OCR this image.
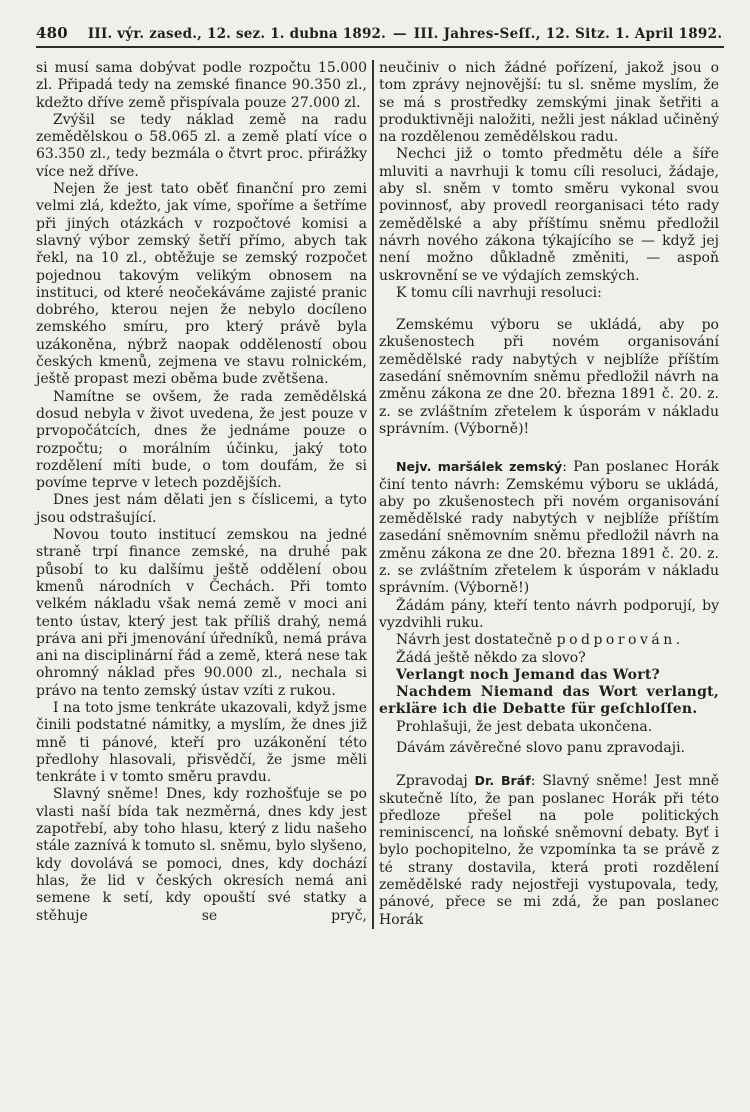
480 III. výr. zased., 12. sez. 1. dubna 1892. — III. Jahres-Seſſ., 12. Sitz. 1. April 1892.

si musí sama dobývat podle rozpočtu 15.000 zl. Připadá tedy na zemské finance 90.350 zl., kdežto dříve země přispívala pouze 27.000 zl.

Zvýšil se tedy náklad země na radu zemědělskou o 58.065 zl. a země platí více o 63.350 zl., tedy bezmála o čtvrt proc. přirážky více než dříve.

Nejen že jest tato oběť finanční pro zemi velmi zlá, kdežto, jak víme, spoříme a šetříme při jiných otázkách v rozpočtové komisi a slavný výbor zemský šetří přímo, abych tak řekl, na 10 zl., obtěžuje se zemský rozpočet pojednou takovým velikým obnosem na instituci, od které neočekáváme zajisté pranic dobrého, kterou nejen že nebylo docíleno zemského smíru, pro který právě byla uzákoněna, nýbrž naopak odděleností obou českých kmenů, zejmena ve stavu rolnickém, ještě propast mezi oběma bude zvětšena.

Namítne se ovšem, že rada zemědělská dosud nebyla v život uvedena, že jest pouze v prvopočátcích, dnes že jednáme pouze o rozpočtu; o morálním účinku, jaký toto rozdělení míti bude, o tom doufám, že si povíme teprve v letech pozdějších.

Dnes jest nám dělati jen s číslicemi, a tyto jsou odstrašující.

Novou touto institucí zemskou na jedné straně trpí finance zemské, na druhé pak působí to ku dalšímu ještě oddělení obou kmenů národních v Čechách. Při tomto velkém nákladu však nemá země v moci ani tento ústav, který jest tak příliš drahý, nemá práva ani při jmenování úředníků, nemá práva ani na disciplinární řád a země, která nese tak ohromný náklad přes 90.000 zl., nechala si právo na tento zemský ústav vzíti z rukou.

I na toto jsme tenkráte ukazovali, když jsme činili podstatné námitky, a myslím, že dnes již mně ti pánové, kteří pro uzákonění této předlohy hlasovali, přisvědčí, že jsme měli tenkráte i v tomto směru pravdu.

Slavný sněme! Dnes, kdy rozhošťuje se po vlasti naší bída tak nezměrná, dnes kdy jest zapotřebí, aby toho hlasu, který z lidu našeho stále zaznívá k tomuto sl. sněmu, bylo slyšeno, kdy dovolává se pomoci, dnes, kdy dochází hlas, že lid v českých okresích nemá ani semene k setí, kdy opouští své statky a stěhuje se pryč,

neučiniv o nich žádné pořízení, jakož jsou o tom zprávy nejnovější: tu sl. sněme myslím, že se má s prostředky zemskými jinak šetřiti a produktivněji naložiti, nežli jest náklad učiněný na rozdělenou zemědělskou radu.

Nechci již o tomto předmětu déle a šíře mluviti a navrhuji k tomu cíli resoluci, žádaje, aby sl. sněm v tomto směru vykonal svou povinnosť, aby provedl reorganisaci této rady zemědělské a aby příštímu sněmu předložil návrh nového zákona týkajícího se — když jej není možno důkladně změniti, — aspoň uskrovnění se ve výdajích zemských.

K tomu cíli navrhuji resoluci:

Zemskému výboru se ukládá, aby po zkušenostech při novém organisování zemědělské rady nabytých v nejblíže příštím zasedání sněmovním sněmu předložil návrh na změnu zákona ze dne 20. března 1891 č. 20. z. z. se zvláštním zřetelem k úsporám v nákladu správním. (Výborně)!

Nejv. maršálek zemský: Pan poslanec Horák činí tento návrh: Zemskému výboru se ukládá, aby po zkušenostech při novém organisování zemědělské rady nabytých v nejblíže příštím zasedání sněmovním sněmu předložil návrh na změnu zákona ze dne 20. března 1891 č. 20. z. z. se zvláštním zřetelem k úsporám v nákladu správním. (Výborně!)

Žádám pány, kteří tento návrh podporují, by vyzdvihli ruku.

Návrh jest dostatečně podporován.

Žádá ještě někdo za slovo?

Verlangt noch Jemand das Wort?

Nachdem Niemand das Wort verlangt, erkläre ich die Debatte für geſchloſſen.

Prohlašuji, že jest debata ukončena.

Dávám závěrečné slovo panu zpravodaji.

Zpravodaj Dr. Bráf: Slavný sněme! Jest mně skutečně líto, že pan poslanec Horák při této předloze přešel na pole politických reminiscencí, na loňské sněmovní debaty. Byť i bylo pochopitelno, že vzpomínka ta se právě z té strany dostavila, která proti rozdělení zemědělské rady nejostřeji vystupovala, tedy, pánové, přece se mi zdá, že pan poslanec Horák
